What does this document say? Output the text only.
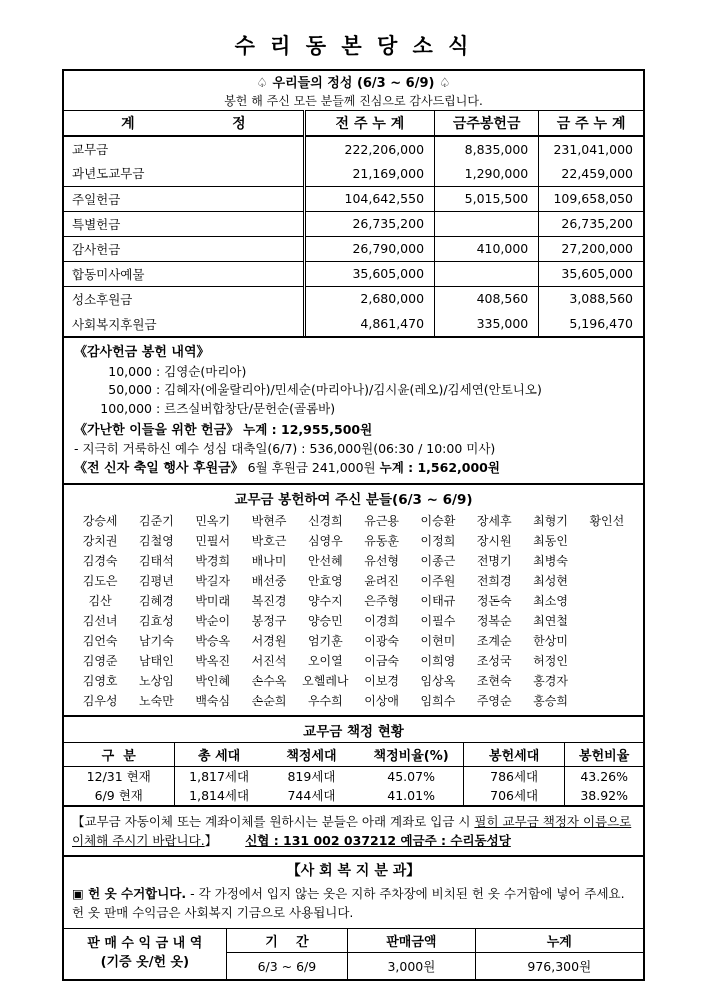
수 리 동 본 당 소 식
♤ 우리들의 정성 (6/3 ~ 6/9) ♤			
봉헌 해 주신 모든 분들께 진심으로 감사드립니다.			
계                    정	전 주 누 계	금주봉헌금	금 주 누 계
교무금	222,206,000	8,835,000	231,041,000
과년도교무금	21,169,000	1,290,000	22,459,000
주일헌금	104,642,550	5,015,500	109,658,050
특별헌금	26,735,200		26,735,200
감사헌금	26,790,000	410,000	27,200,000
합동미사예물	35,605,000		35,605,000
성소후원금	2,680,000	408,560	3,088,560
사회복지후원금	4,861,470	335,000	5,196,470
《감사헌금 봉헌 내역》
10,000 : 김영순(마리아)
50,000 : 김혜자(에울랄리아)/민세순(마리아나)/김시윤(레오)/김세연(안토니오)
100,000 : 르즈실버합창단/문헌순(골롬바)
《가난한 이들을 위한 헌금》 누계 : 12,955,500원
- 지극히 거룩하신 예수 성심 대축일(6/7) : 536,000원(06:30 / 10:00 미사)
《전 신자 축일 행사 후원금》 6월 후원금 241,000원 누계 : 1,562,000원
교무금 봉헌하여 주신 분들(6/3 ~ 6/9)
강승세	김준기	민옥기	박현주	신경희	유근용	이승환	장세후	최형기	황인선
강치권	김철영	민필서	박호근	심영우	유동훈	이정희	장시원	최동인
김경숙	김태석	박경희	배나미	안선혜	유선형	이종근	전명기	최병숙
김도은	김평년	박길자	배선중	안효영	윤려진	이주원	전희경	최성현
김산	김혜경	박미래	복진경	양수지	은주형	이태규	정돈숙	최소영
김선녀	김효성	박순이	봉정구	양승민	이경희	이필수	정복순	최연철
김언숙	남기숙	박승옥	서경원	엄기훈	이광숙	이현미	조계순	한상미
김영준	남태인	박옥진	서진석	오이열	이금숙	이희영	조성국	허정인
김영호	노상임	박인혜	손수옥	오헬레나	이보경	임상옥	조현숙	홍경자
김우성	노숙만	백숙심	손순희	우수희	이상애	임희수	주영순	홍승희
교무금 책정 현황
구  분	총 세대	책정세대	책정비율(%)	봉헌세대	봉헌비율
12/31 현재	1,817세대	819세대	45.07%	786세대	43.26%
6/9 현재	1,814세대	744세대	41.01%	706세대	38.92%
【교무금 자동이체 또는 계좌이체를 원하시는 분들은 아래 계좌로 입금 시 필히 교무금 책정자 이름으로 이체해 주시기 바랍니다.】 신협 : 131 002 037212 예금주 : 수리동성당
【사 회 복 지 분 과】
▣ 헌 옷 수거합니다. - 각 가정에서 입지 않는 옷은 지하 주차장에 비치된 헌 옷 수거함에 넣어 주세요. 헌 옷 판매 수익금은 사회복지 기금으로 사용됩니다.
판 매 수 익 금 내 역
(기증 옷/헌 옷)	기    간	판매금액	누계
	6/3 ~ 6/9	3,000원	976,300원
